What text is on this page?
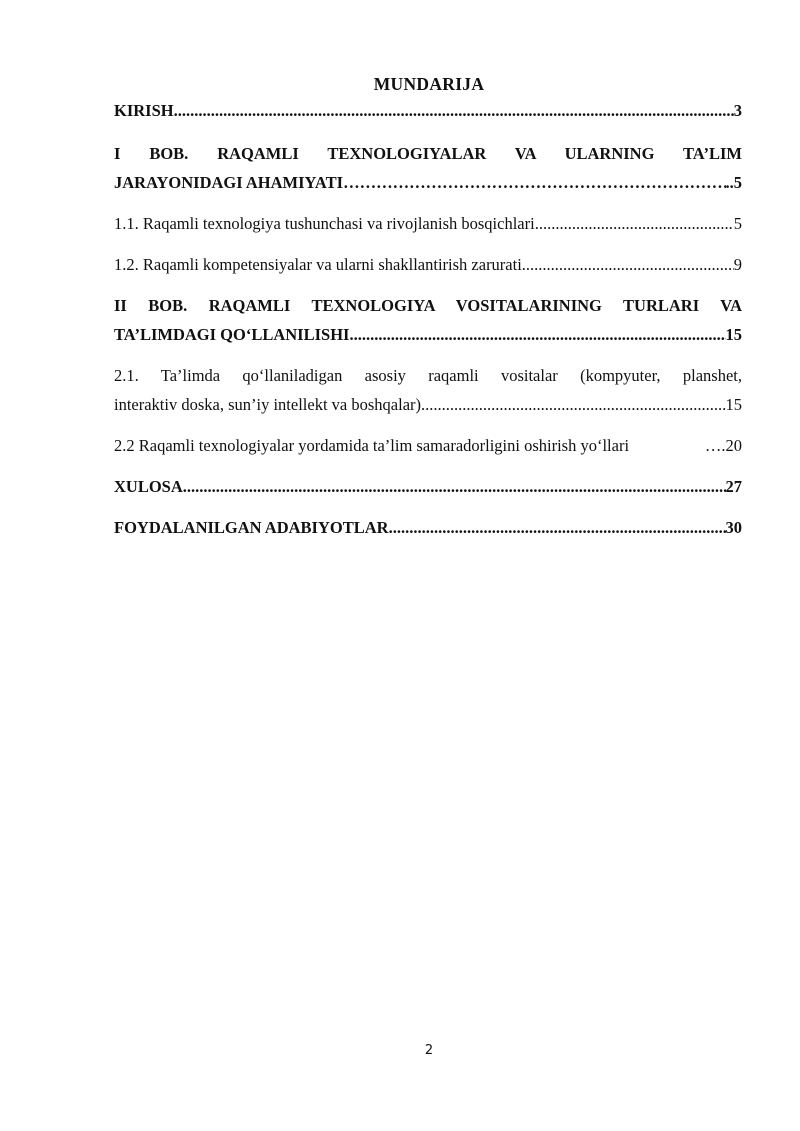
MUNDARIJA
KIRISH .....	3
I BOB. RAQAMLI TEXNOLOGIYALAR VA ULARNING TA’LIM
JARAYONIDAGI AHAMIYATI ………………………………………………………………………………………………………………………………………………………………………………………	..5
1.1. Raqamli texnologiya tushunchasi va rivojlanish bosqichlari .....	5
1.2. Raqamli kompetensiyalar va ularni shakllantirish zarurati .....	9
II BOB. RAQAMLI TEXNOLOGIYA VOSITALARINING TURLARI VA
TA’LIMDAGI QO‘LLANILISHI .....	15
2.1. Ta’limda qo‘llaniladigan asosiy raqamli vositalar (kompyuter, planshet,
interaktiv doska, sun’iy intellekt va boshqalar) .....	15
2.2 Raqamli texnologiyalar yordamida ta’lim samaradorligini oshirish yo‘llari	….20
XULOSA .....	27
FOYDALANILGAN ADABIYOTLAR .....	30
2
